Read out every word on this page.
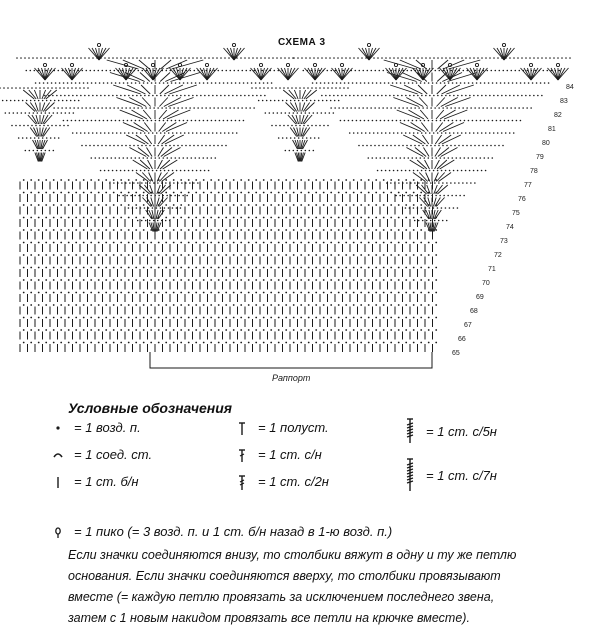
65
66
67
68
69
70
71
72
73
74
75
76
77
78
79
80
81
82
83
84
Раппорт
СХЕМА 3
Условные обозначения
= 1 возд. п.
= 1 соед. ст.
= 1 ст. б/н
= 1 полуст.
= 1 ст. с/н
= 1 ст. с/2н
= 1 ст. с/5н
= 1 ст. с/7н
= 1 пико (= 3 возд. п. и 1 ст. б/н назад в 1-ю возд. п.)

Если значки соединяются внизу, то столбики вяжут в одну и ту же петлю

основания. Если значки соединяются вверху, то столбики провязывают

вместе (= каждую петлю провязать за исключением последнего звена,

затем с 1 новым накидом провязать все петли на крючке вместе).
